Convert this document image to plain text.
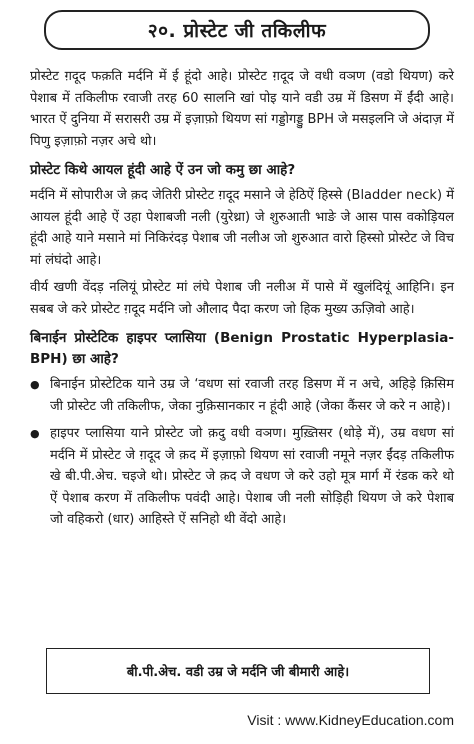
२०. प्रोस्टेट जी तकिलीफ

प्रोस्टेट ग़दूद फक़ति मर्दनि में ई हूंदो आहे। प्रोस्टेट ग़दूद जे वधी वञण (वडो थियण) करे पेशाब में तकिलीफ रवाजी तरह 60 सालनि खां पोइ याने वडी उम्र में डिसण में ईंदी आहे। भारत ऐं दुनिया में सरासरी उम्र में इज़ाफ़ो थियण सां गड्डोगड्डु BPH जे मसइलनि जे अंदाज़ में पिणु इज़ाफ़ो नज़र अचे थो।

प्रोस्टेट किथे आयल हूंदी आहे ऐं उन जो कमु छा आहे?

मर्दनि में सोपारीअ जे क़द जेतिरी प्रोस्टेट ग़दूद मसाने जे हेठिऐं हिस्से (Bladder neck) में आयल हूंदी आहे ऐं उहा पेशाबजी नली (युरेथ्रा) जे शुरुआती भाङे जे आस पास वकोड़ियल हूंदी आहे याने मसाने मां निकिरंदड़ पेशाब जी नलीअ जो शुरुआत वारो हिस्सो प्रोस्टेट जे विच मां लंघंदो आहे।

वीर्य खणी वेंदड़ नलियूं प्रोस्टेट मां लंघे पेशाब जी नलीअ में पासे में खुलंदियूं आहिनि। इन सबब जे करे प्रोस्टेट ग़दूद मर्दनि जो औलाद पैदा करण जो हिक मुख्य ऊज़िवो आहे।

बिनाईन प्रोस्टेटिक हाइपर प्लासिया (Benign Prostatic Hyperplasia-BPH) छा आहे?
● बिनाईन प्रोस्टेटिक याने उम्र जे ‘वधण सां रवाजी तरह डिसण में न अचे, अहिड़े क़िसिम जी प्रोस्टेट जी तकिलीफ, जेका नुक़िसानकार न हूंदी आहे (जेका कैंसर जे करे न आहे)।
● हाइपर प्लासिया याने प्रोस्टेट जो क़दु वधी वञण। मुख़्तिसर (थोड़े में), उम्र वधण सां मर्दनि में प्रोस्टेट जे ग़दूद जे क़द में इज़ाफ़ो थियण सां रवाजी नमूने नज़र ईंदड़ तकिलीफ खे बी.पी.अेच. चइजे थो। प्रोस्टेट जे क़द जे वधण जे करे उहो मूत्र मार्ग में रंडक करे थो ऐं पेशाब करण में तकिलीफ पवंदी आहे। पेशाब जी नली सोड़िही थियण जे करे पेशाब जो वहिकरो (धार) आहिस्ते ऐं सनिहो थी वेंदो आहे।
बी.पी.अेच. वडी उम्र जे मर्दनि जी बीमारी आहे।
Visit : www.KidneyEducation.com
